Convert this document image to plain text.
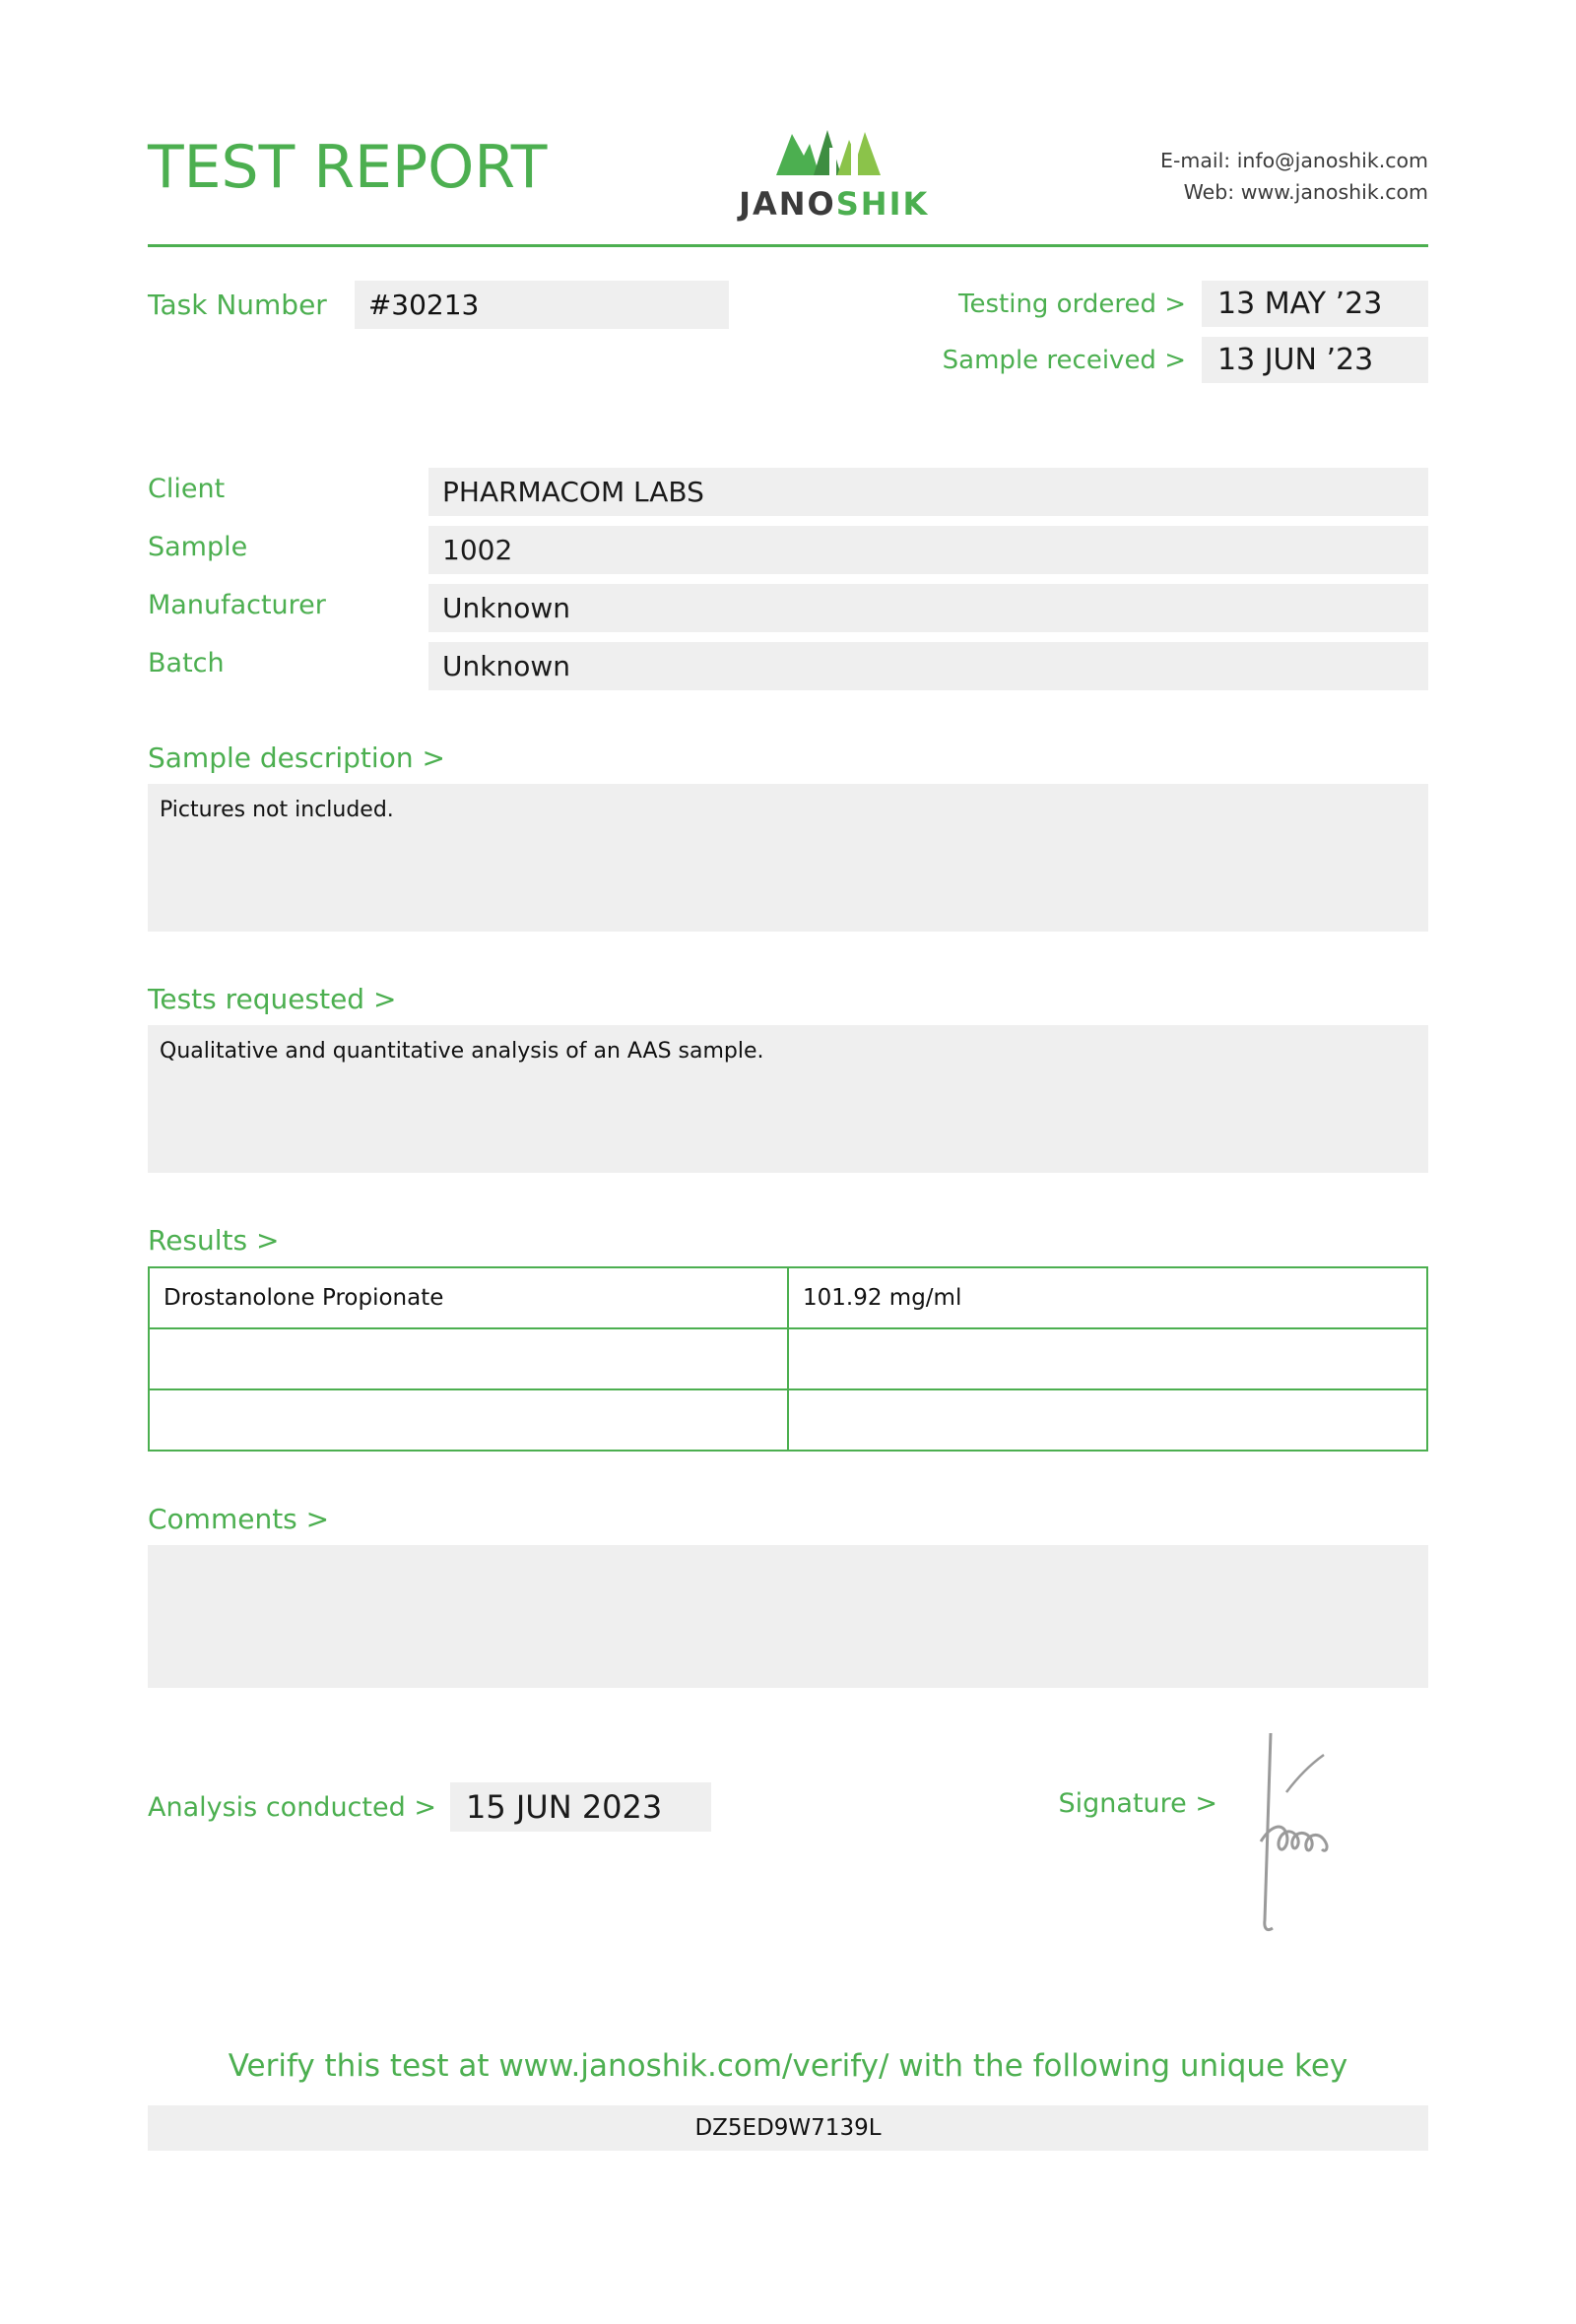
TEST REPORT
JANOSHIK
E-mail: info@janoshik.com
Web: www.janoshik.com
Task Number	#30213	Testing ordered >	13 MAY ’23
Sample received >	13 JUN ’23
Client	PHARMACOM LABS
Sample	1002
Manufacturer	Unknown
Batch	Unknown
Sample description >
Pictures not included.
Tests requested >
Qualitative and quantitative analysis of an AAS sample.
Results >
Drostanolone Propionate	101.92 mg/ml

Comments >
Analysis conducted > 15 JUN 2023	Signature >
Verify this test at www.janoshik.com/verify/ with the following unique key
DZ5ED9W7139L
